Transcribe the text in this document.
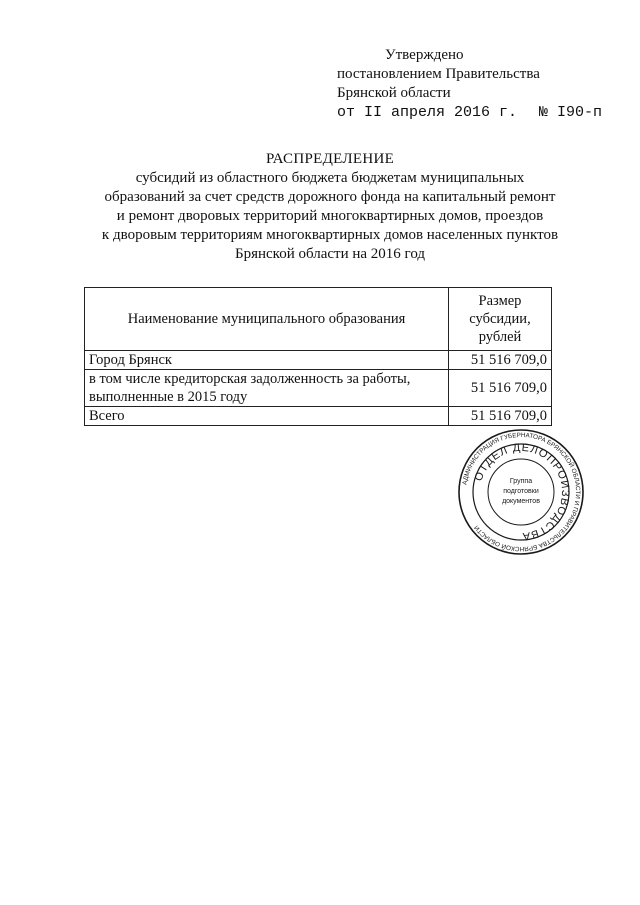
Утверждено
постановлением Правительства
Брянской области
от II апреля 2016 г. № I90-п
РАСПРЕДЕЛЕНИЕ
субсидий из областного бюджета бюджетам муниципальных
образований за счет средств дорожного фонда на капитальный ремонт
и ремонт дворовых территорий многоквартирных домов, проездов
к дворовым территориям многоквартирных домов населенных пунктов
Брянской области на 2016 год
Наименование муниципального образования	Размер
субсидии,
рублей

Город Брянск	51 516 709,0

в том числе кредиторская задолженность за работы,
выполненные в 2015 году	51 516 709,0
Всего	51 516 709,0
АДМИНИСТРАЦИЯ ГУБЕРНАТОРА БРЯНСКОЙ ОБЛАСТИ И ПРАВИТЕЛЬСТВА БРЯНСКОЙ ОБЛАСТИ
ОТДЕЛ ДЕЛОПРОИЗВОДСТВА
Группа
подготовки
документов
